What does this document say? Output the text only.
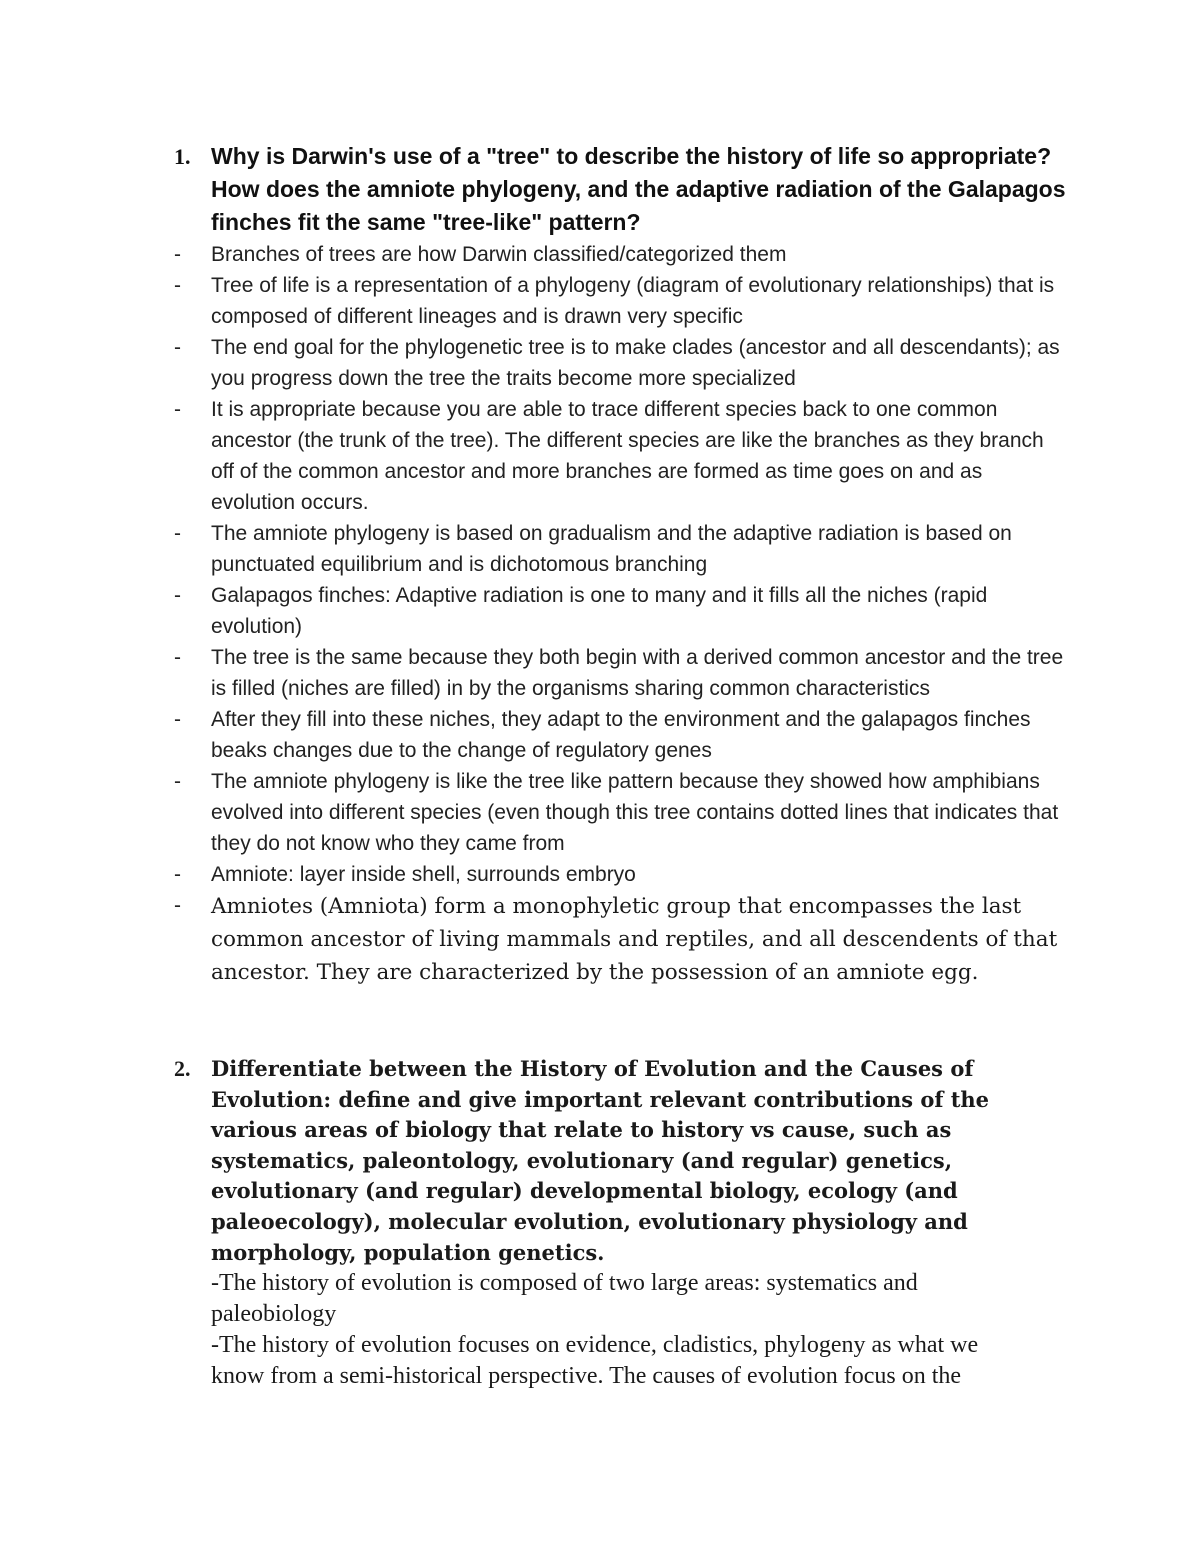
1. Why is Darwin's use of a "tree" to describe the history of life so appropriate? How does the amniote phylogeny, and the adaptive radiation of the Galapagos finches fit the same "tree-like" pattern?
-	Branches of trees are how Darwin classified/categorized them
-	Tree of life is a representation of a phylogeny (diagram of evolutionary relationships) that is composed of different lineages and is drawn very specific
-	The end goal for the phylogenetic tree is to make clades (ancestor and all descendants); as you progress down the tree the traits become more specialized
-	It is appropriate because you are able to trace different species back to one common ancestor (the trunk of the tree). The different species are like the branches as they branch off of the common ancestor and more branches are formed as time goes on and as evolution occurs.
-	The amniote phylogeny is based on gradualism and the adaptive radiation is based on punctuated equilibrium and is dichotomous branching
-	Galapagos finches: Adaptive radiation is one to many and it fills all the niches (rapid evolution)
-	The tree is the same because they both begin with a derived common ancestor and the tree is filled (niches are filled) in by the organisms sharing common characteristics
-	After they fill into these niches, they adapt to the environment and the galapagos finches beaks changes due to the change of regulatory genes
-	The amniote phylogeny is like the tree like pattern because they showed how amphibians evolved into different species (even though this tree contains dotted lines that indicates that they do not know who they came from
-	Amniote: layer inside shell, surrounds embryo
-	Amniotes (Amniota) form a monophyletic group that encompasses the last common ancestor of living mammals and reptiles, and all descendents of that ancestor. They are characterized by the possession of an amniote egg.
2. Differentiate between the History of Evolution and the Causes of Evolution: define and give important relevant contributions of the various areas of biology that relate to history vs cause, such as systematics, paleontology, evolutionary (and regular) genetics, evolutionary (and regular) developmental biology, ecology (and paleoecology), molecular evolution, evolutionary physiology and morphology, population genetics.

-The history of evolution is composed of two large areas: systematics and paleobiology

-The history of evolution focuses on evidence, cladistics, phylogeny as what we know from a semi-historical perspective. The causes of evolution focus on the
